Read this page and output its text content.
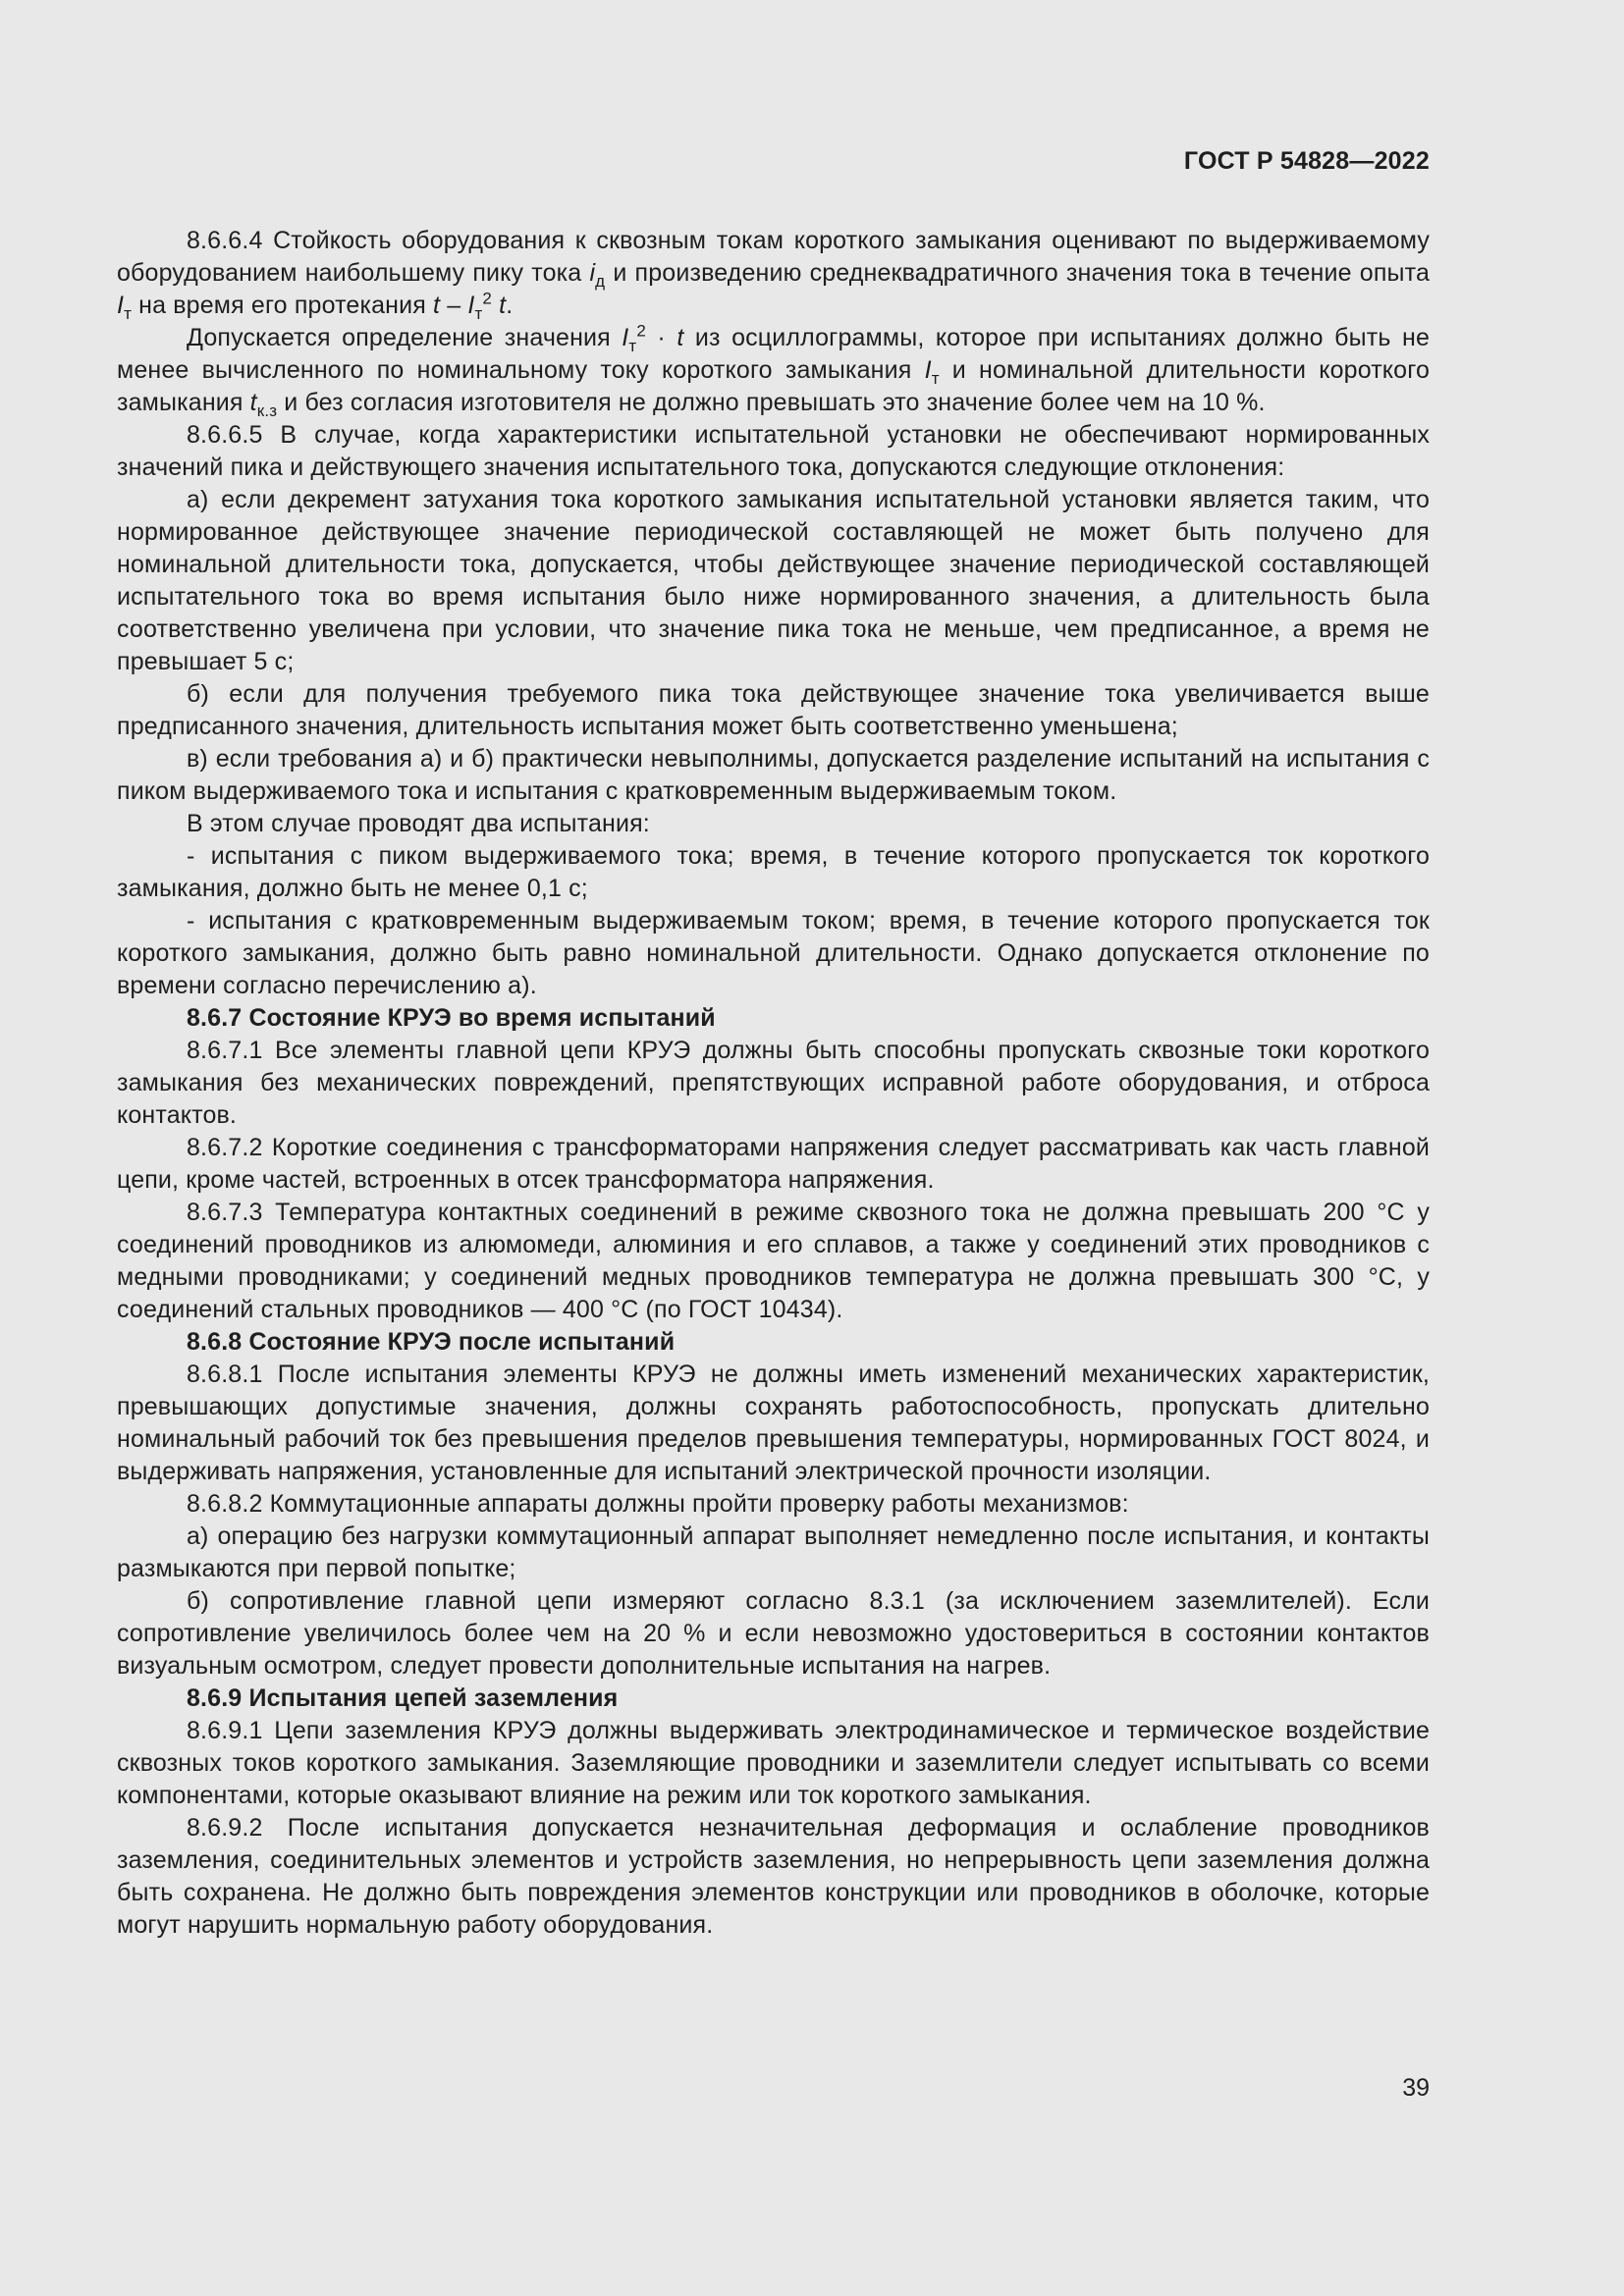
ГОСТ Р 54828—2022

8.6.6.4 Стойкость оборудования к сквозным токам короткого замыкания оценивают по выдерживаемому оборудованием наибольшему пику тока $i_д$ и произведению среднеквадратичного значения тока в течение опыта $I_т$ на время его протекания t – $I_т^2$ t.

Допускается определение значения $I_т^2 \cdot t$ из осциллограммы, которое при испытаниях должно быть не менее вычисленного по номинальному току короткого замыкания $I_т$ и номинальной длительности короткого замыкания $t_{к.з}$ и без согласия изготовителя не должно превышать это значение более чем на 10 %.

8.6.6.5 В случае, когда характеристики испытательной установки не обеспечивают нормированных значений пика и действующего значения испытательного тока, допускаются следующие отклонения:

а) если декремент затухания тока короткого замыкания испытательной установки является таким, что нормированное действующее значение периодической составляющей не может быть получено для номинальной длительности тока, допускается, чтобы действующее значение периодической составляющей испытательного тока во время испытания было ниже нормированного значения, а длительность была соответственно увеличена при условии, что значение пика тока не меньше, чем предписанное, а время не превышает 5 с;

б) если для получения требуемого пика тока действующее значение тока увеличивается выше предписанного значения, длительность испытания может быть соответственно уменьшена;

в) если требования а) и б) практически невыполнимы, допускается разделение испытаний на испытания с пиком выдерживаемого тока и испытания с кратковременным выдерживаемым током.

В этом случае проводят два испытания:

- испытания с пиком выдерживаемого тока; время, в течение которого пропускается ток короткого замыкания, должно быть не менее 0,1 с;

- испытания с кратковременным выдерживаемым током; время, в течение которого пропускается ток короткого замыкания, должно быть равно номинальной длительности. Однако допускается отклонение по времени согласно перечислению а).

8.6.7 Состояние КРУЭ во время испытаний

8.6.7.1 Все элементы главной цепи КРУЭ должны быть способны пропускать сквозные токи короткого замыкания без механических повреждений, препятствующих исправной работе оборудования, и отброса контактов.

8.6.7.2 Короткие соединения с трансформаторами напряжения следует рассматривать как часть главной цепи, кроме частей, встроенных в отсек трансформатора напряжения.

8.6.7.3 Температура контактных соединений в режиме сквозного тока не должна превышать 200 °С у соединений проводников из алюмомеди, алюминия и его сплавов, а также у соединений этих проводников с медными проводниками; у соединений медных проводников температура не должна превышать 300 °С, у соединений стальных проводников — 400 °С (по ГОСТ 10434).

8.6.8 Состояние КРУЭ после испытаний

8.6.8.1 После испытания элементы КРУЭ не должны иметь изменений механических характеристик, превышающих допустимые значения, должны сохранять работоспособность, пропускать длительно номинальный рабочий ток без превышения пределов превышения температуры, нормированных ГОСТ 8024, и выдерживать напряжения, установленные для испытаний электрической прочности изоляции.

8.6.8.2 Коммутационные аппараты должны пройти проверку работы механизмов:

а) операцию без нагрузки коммутационный аппарат выполняет немедленно после испытания, и контакты размыкаются при первой попытке;

б) сопротивление главной цепи измеряют согласно 8.3.1 (за исключением заземлителей). Если сопротивление увеличилось более чем на 20 % и если невозможно удостовериться в состоянии контактов визуальным осмотром, следует провести дополнительные испытания на нагрев.

8.6.9 Испытания цепей заземления

8.6.9.1 Цепи заземления КРУЭ должны выдерживать электродинамическое и термическое воздействие сквозных токов короткого замыкания. Заземляющие проводники и заземлители следует испытывать со всеми компонентами, которые оказывают влияние на режим или ток короткого замыкания.

8.6.9.2 После испытания допускается незначительная деформация и ослабление проводников заземления, соединительных элементов и устройств заземления, но непрерывность цепи заземления должна быть сохранена. Не должно быть повреждения элементов конструкции или проводников в оболочке, которые могут нарушить нормальную работу оборудования.

39
